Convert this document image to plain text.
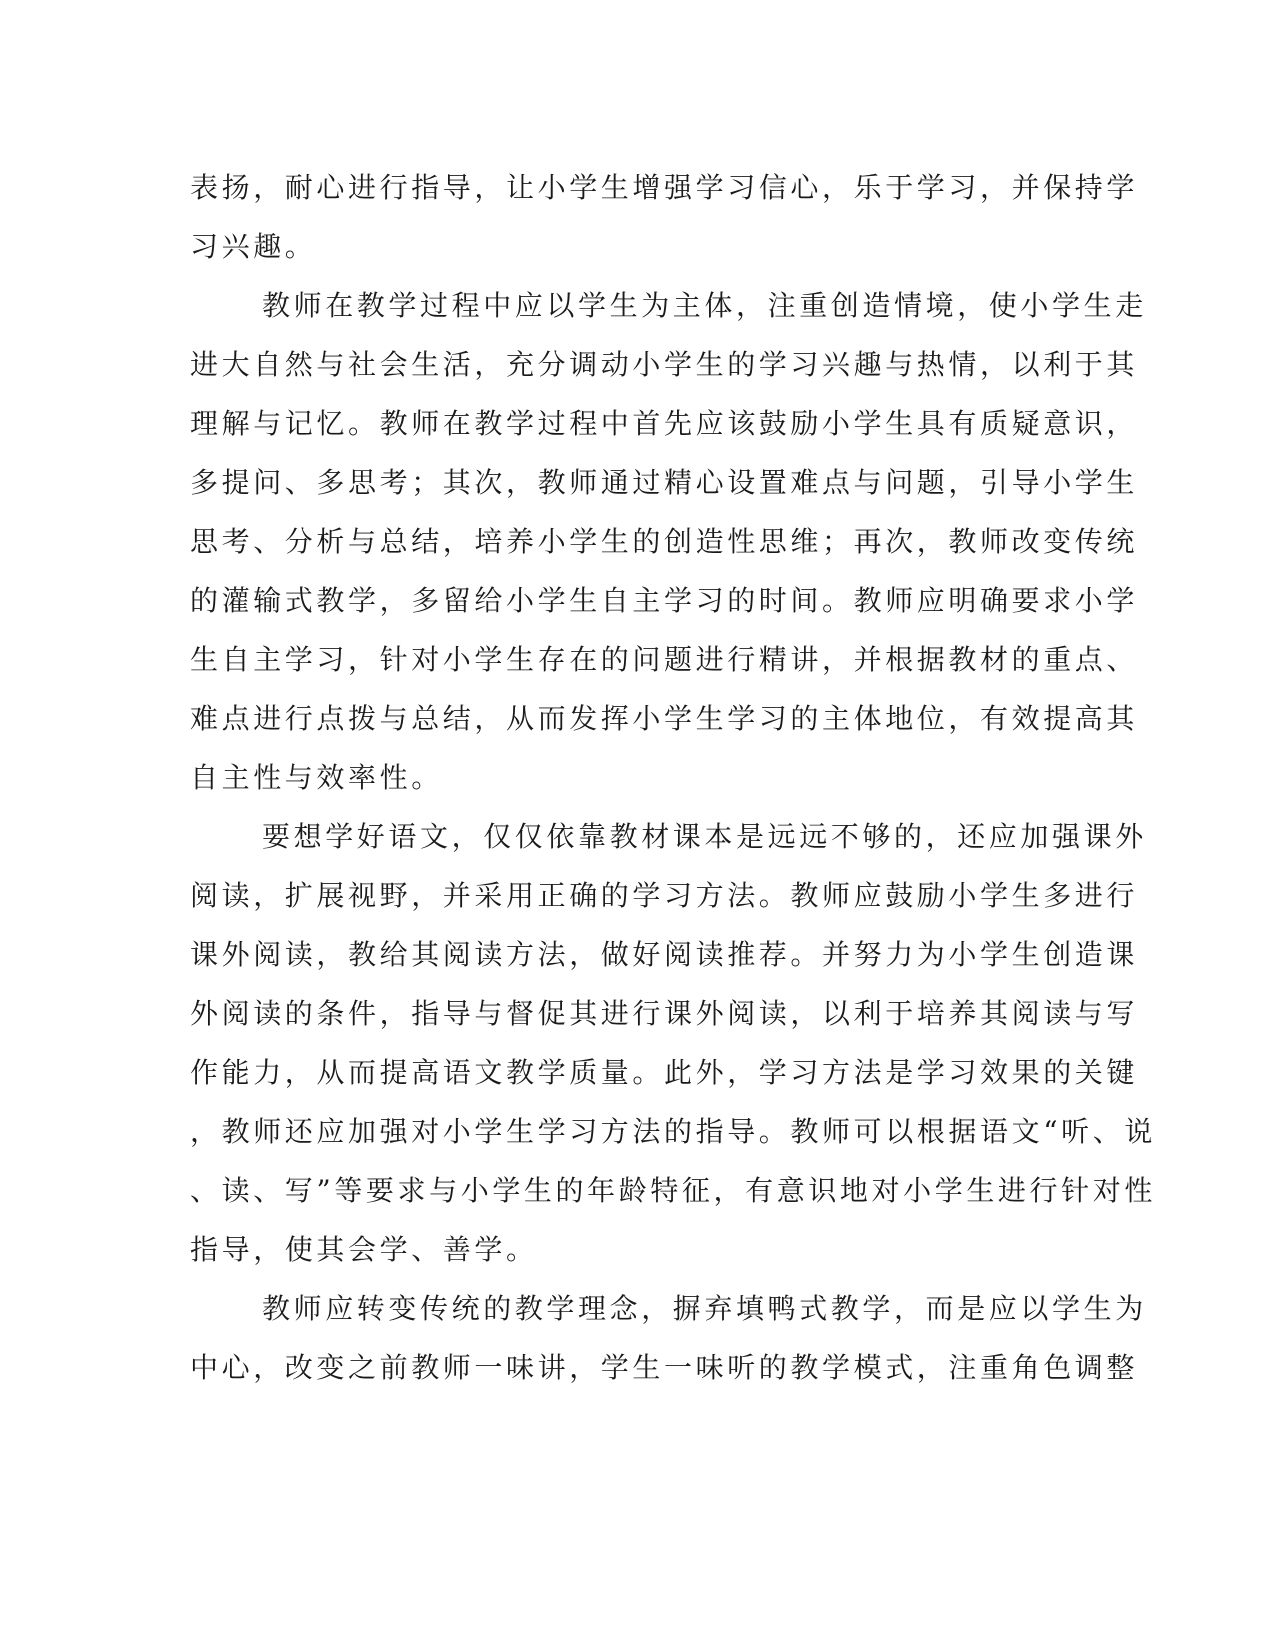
表扬，耐心进行指导，让小学生增强学习信心，乐于学习，并保持学
习兴趣。
教师在教学过程中应以学生为主体，注重创造情境，使小学生走
进大自然与社会生活，充分调动小学生的学习兴趣与热情，以利于其
理解与记忆。教师在教学过程中首先应该鼓励小学生具有质疑意识，
多提问、多思考；其次，教师通过精心设置难点与问题，引导小学生
思考、分析与总结，培养小学生的创造性思维；再次，教师改变传统
的灌输式教学，多留给小学生自主学习的时间。教师应明确要求小学
生自主学习，针对小学生存在的问题进行精讲，并根据教材的重点、
难点进行点拨与总结，从而发挥小学生学习的主体地位，有效提高其
自主性与效率性。
要想学好语文，仅仅依靠教材课本是远远不够的，还应加强课外
阅读，扩展视野，并采用正确的学习方法。教师应鼓励小学生多进行
课外阅读，教给其阅读方法，做好阅读推荐。并努力为小学生创造课
外阅读的条件，指导与督促其进行课外阅读，以利于培养其阅读与写
作能力，从而提高语文教学质量。此外，学习方法是学习效果的关键
，教师还应加强对小学生学习方法的指导。教师可以根据语文“听、说
、读、写”等要求与小学生的年龄特征，有意识地对小学生进行针对性
指导，使其会学、善学。
教师应转变传统的教学理念，摒弃填鸭式教学，而是应以学生为
中心，改变之前教师一味讲，学生一味听的教学模式，注重角色调整
